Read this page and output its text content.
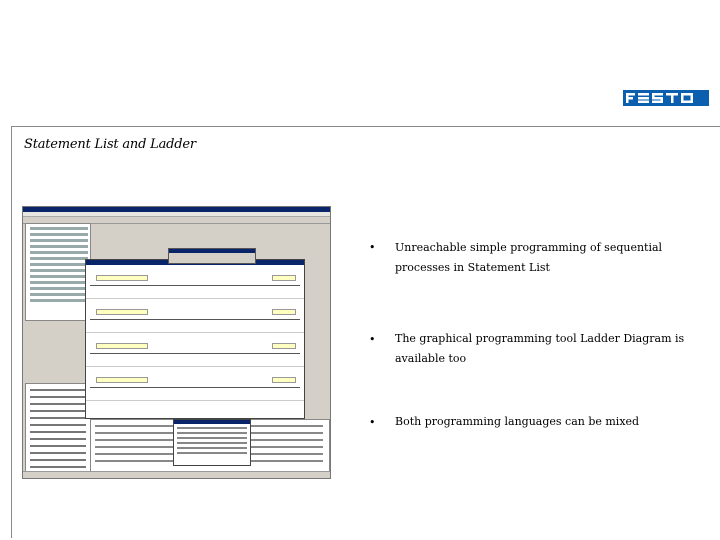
Statement List and Ladder
• Unreachable simple programming of sequential processes in Statement List
• The graphical programming tool Ladder Diagram is available too
• Both programming languages can be mixed
